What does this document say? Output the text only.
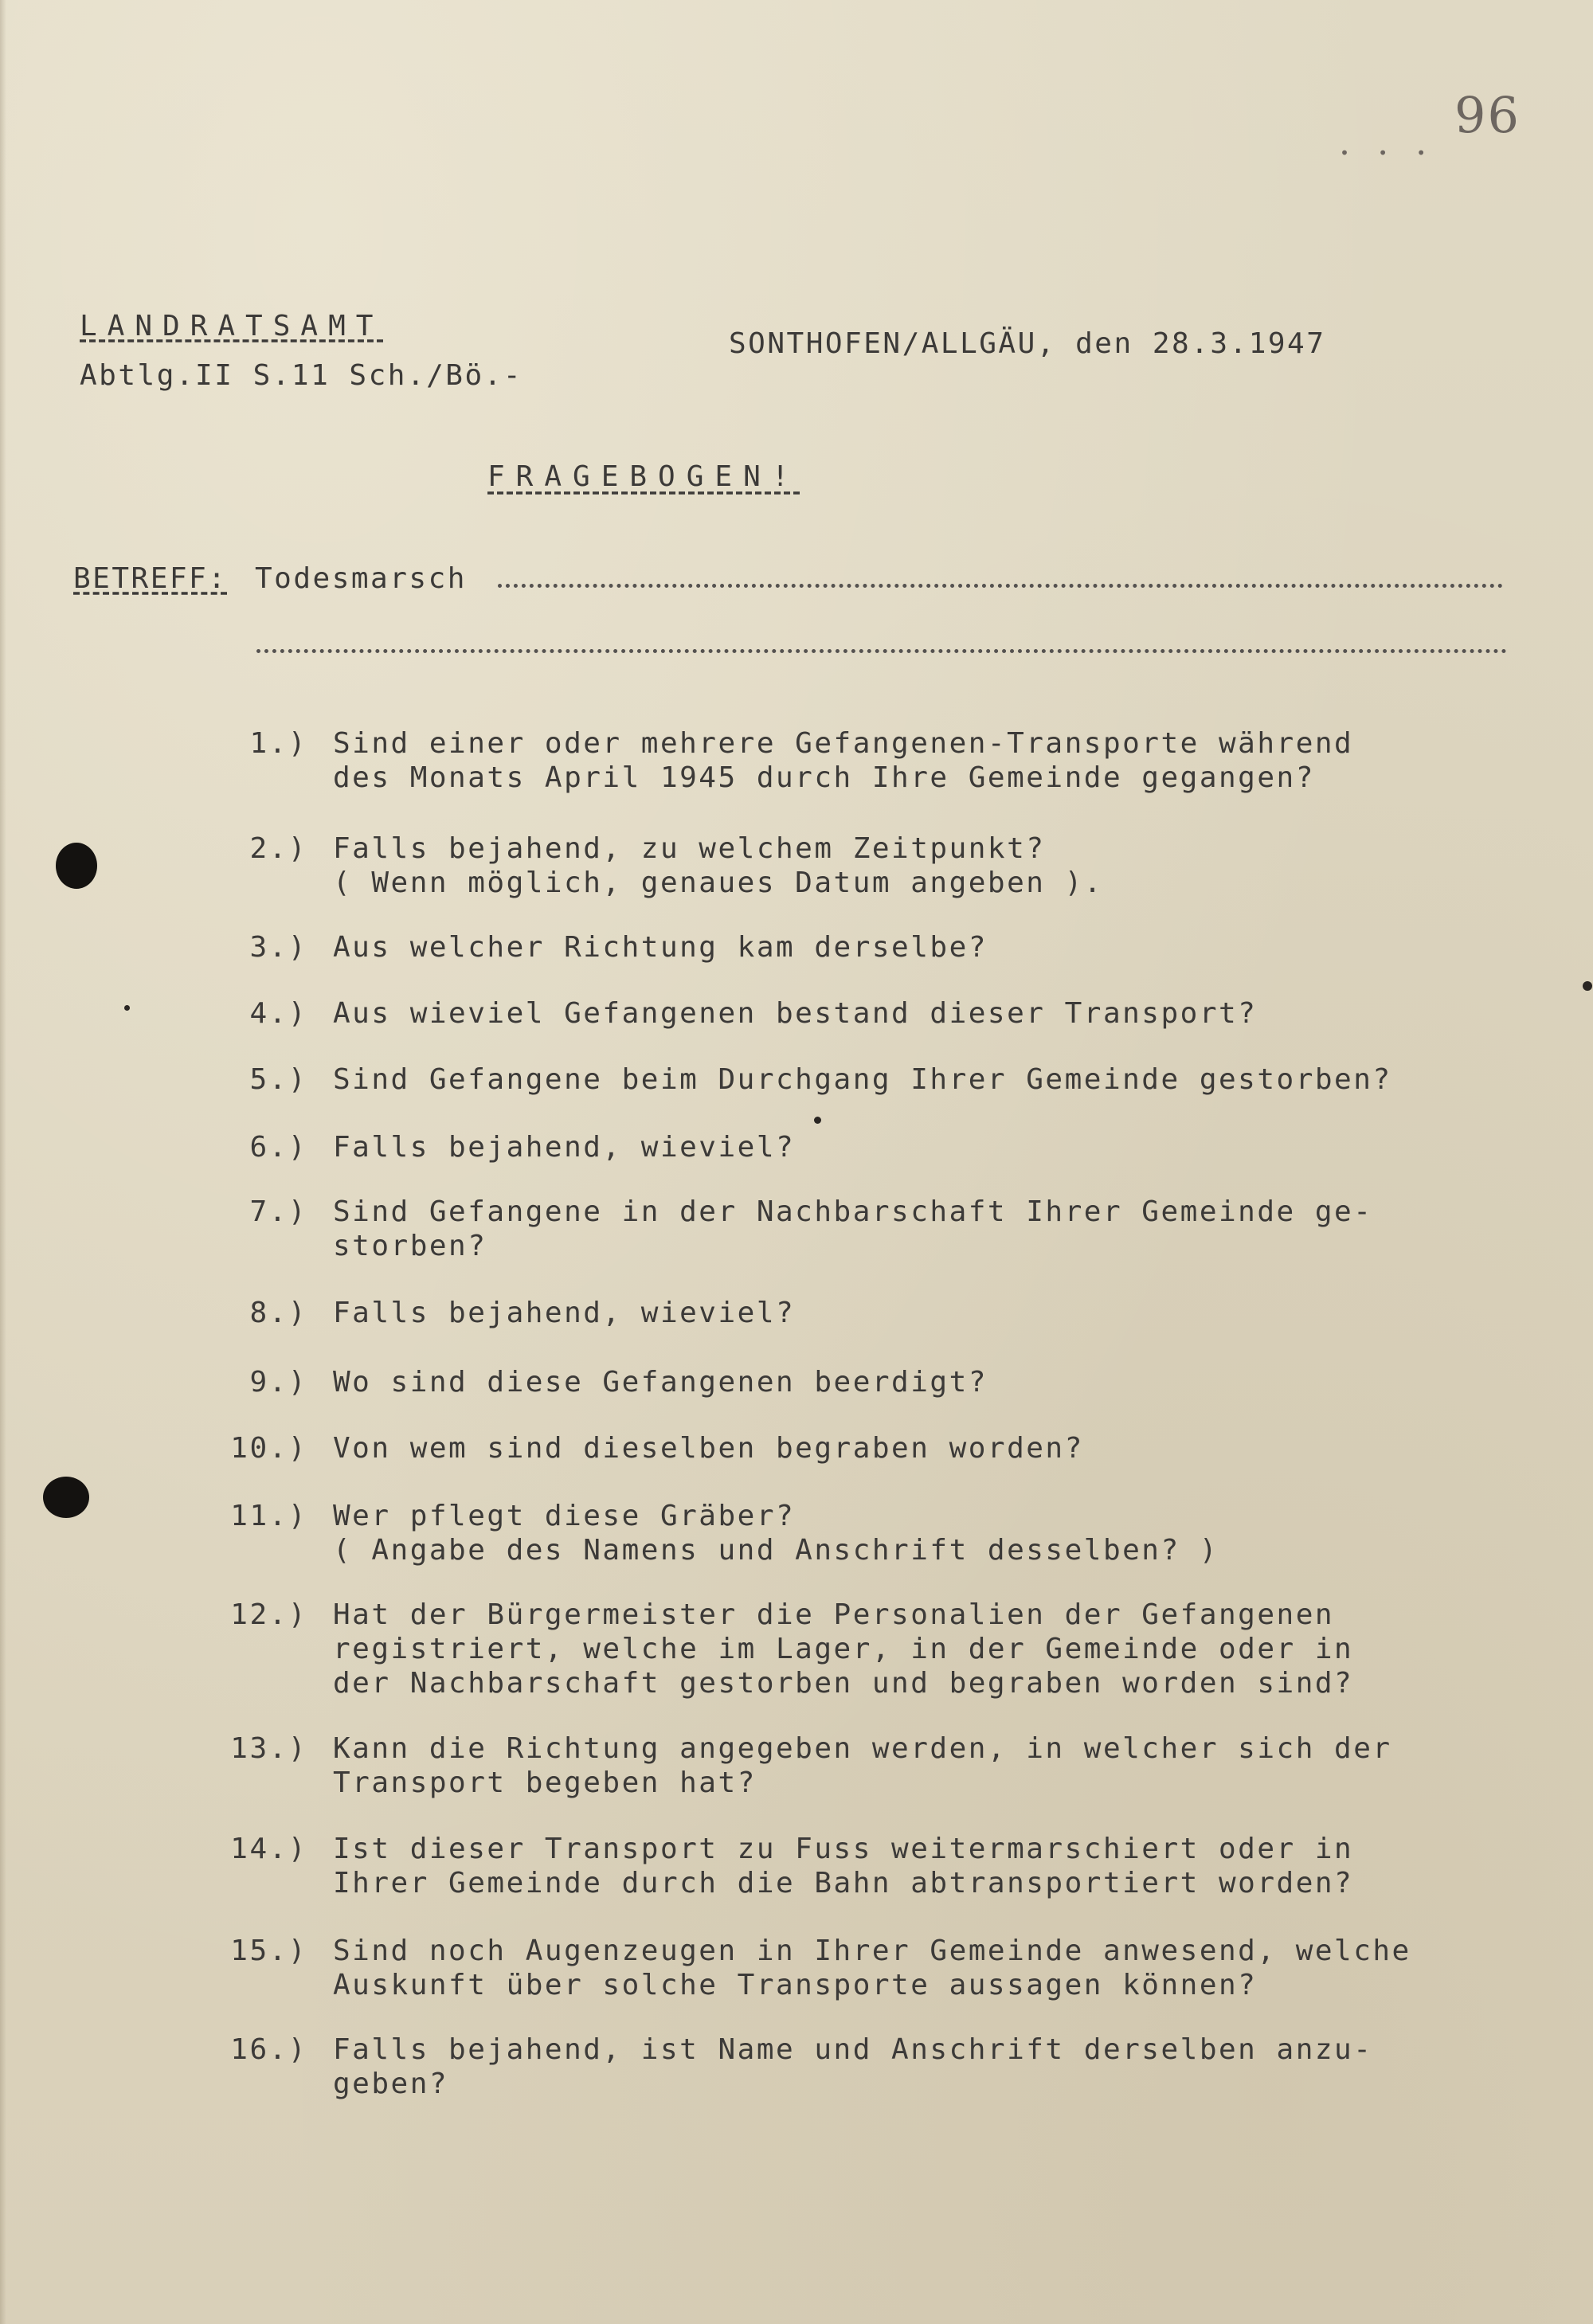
96
• • •
LANDRATSAMT
Abtlg.II S.11 Sch./Bö.-
SONTHOFEN/ALLGÄU, den 28.3.1947
FRAGEBOGEN!
BETREFF: Todesmarsch
1.) Sind einer oder mehrere Gefangenen-Transporte während
des Monats April 1945 durch Ihre Gemeinde gegangen?
2.) Falls bejahend, zu welchem Zeitpunkt?
( Wenn möglich, genaues Datum angeben ).
3.) Aus welcher Richtung kam derselbe?
4.) Aus wieviel Gefangenen bestand dieser Transport?
5.) Sind Gefangene beim Durchgang Ihrer Gemeinde gestorben?
6.) Falls bejahend, wieviel?
7.) Sind Gefangene in der Nachbarschaft Ihrer Gemeinde ge-
storben?
8.) Falls bejahend, wieviel?
9.) Wo sind diese Gefangenen beerdigt?
10.) Von wem sind dieselben begraben worden?
11.) Wer pflegt diese Gräber?
( Angabe des Namens und Anschrift desselben? )
12.) Hat der Bürgermeister die Personalien der Gefangenen
registriert, welche im Lager, in der Gemeinde oder in
der Nachbarschaft gestorben und begraben worden sind?
13.) Kann die Richtung angegeben werden, in welcher sich der
Transport begeben hat?
14.) Ist dieser Transport zu Fuss weitermarschiert oder in
Ihrer Gemeinde durch die Bahn abtransportiert worden?
15.) Sind noch Augenzeugen in Ihrer Gemeinde anwesend, welche
Auskunft über solche Transporte aussagen können?
16.) Falls bejahend, ist Name und Anschrift derselben anzu-
geben?
